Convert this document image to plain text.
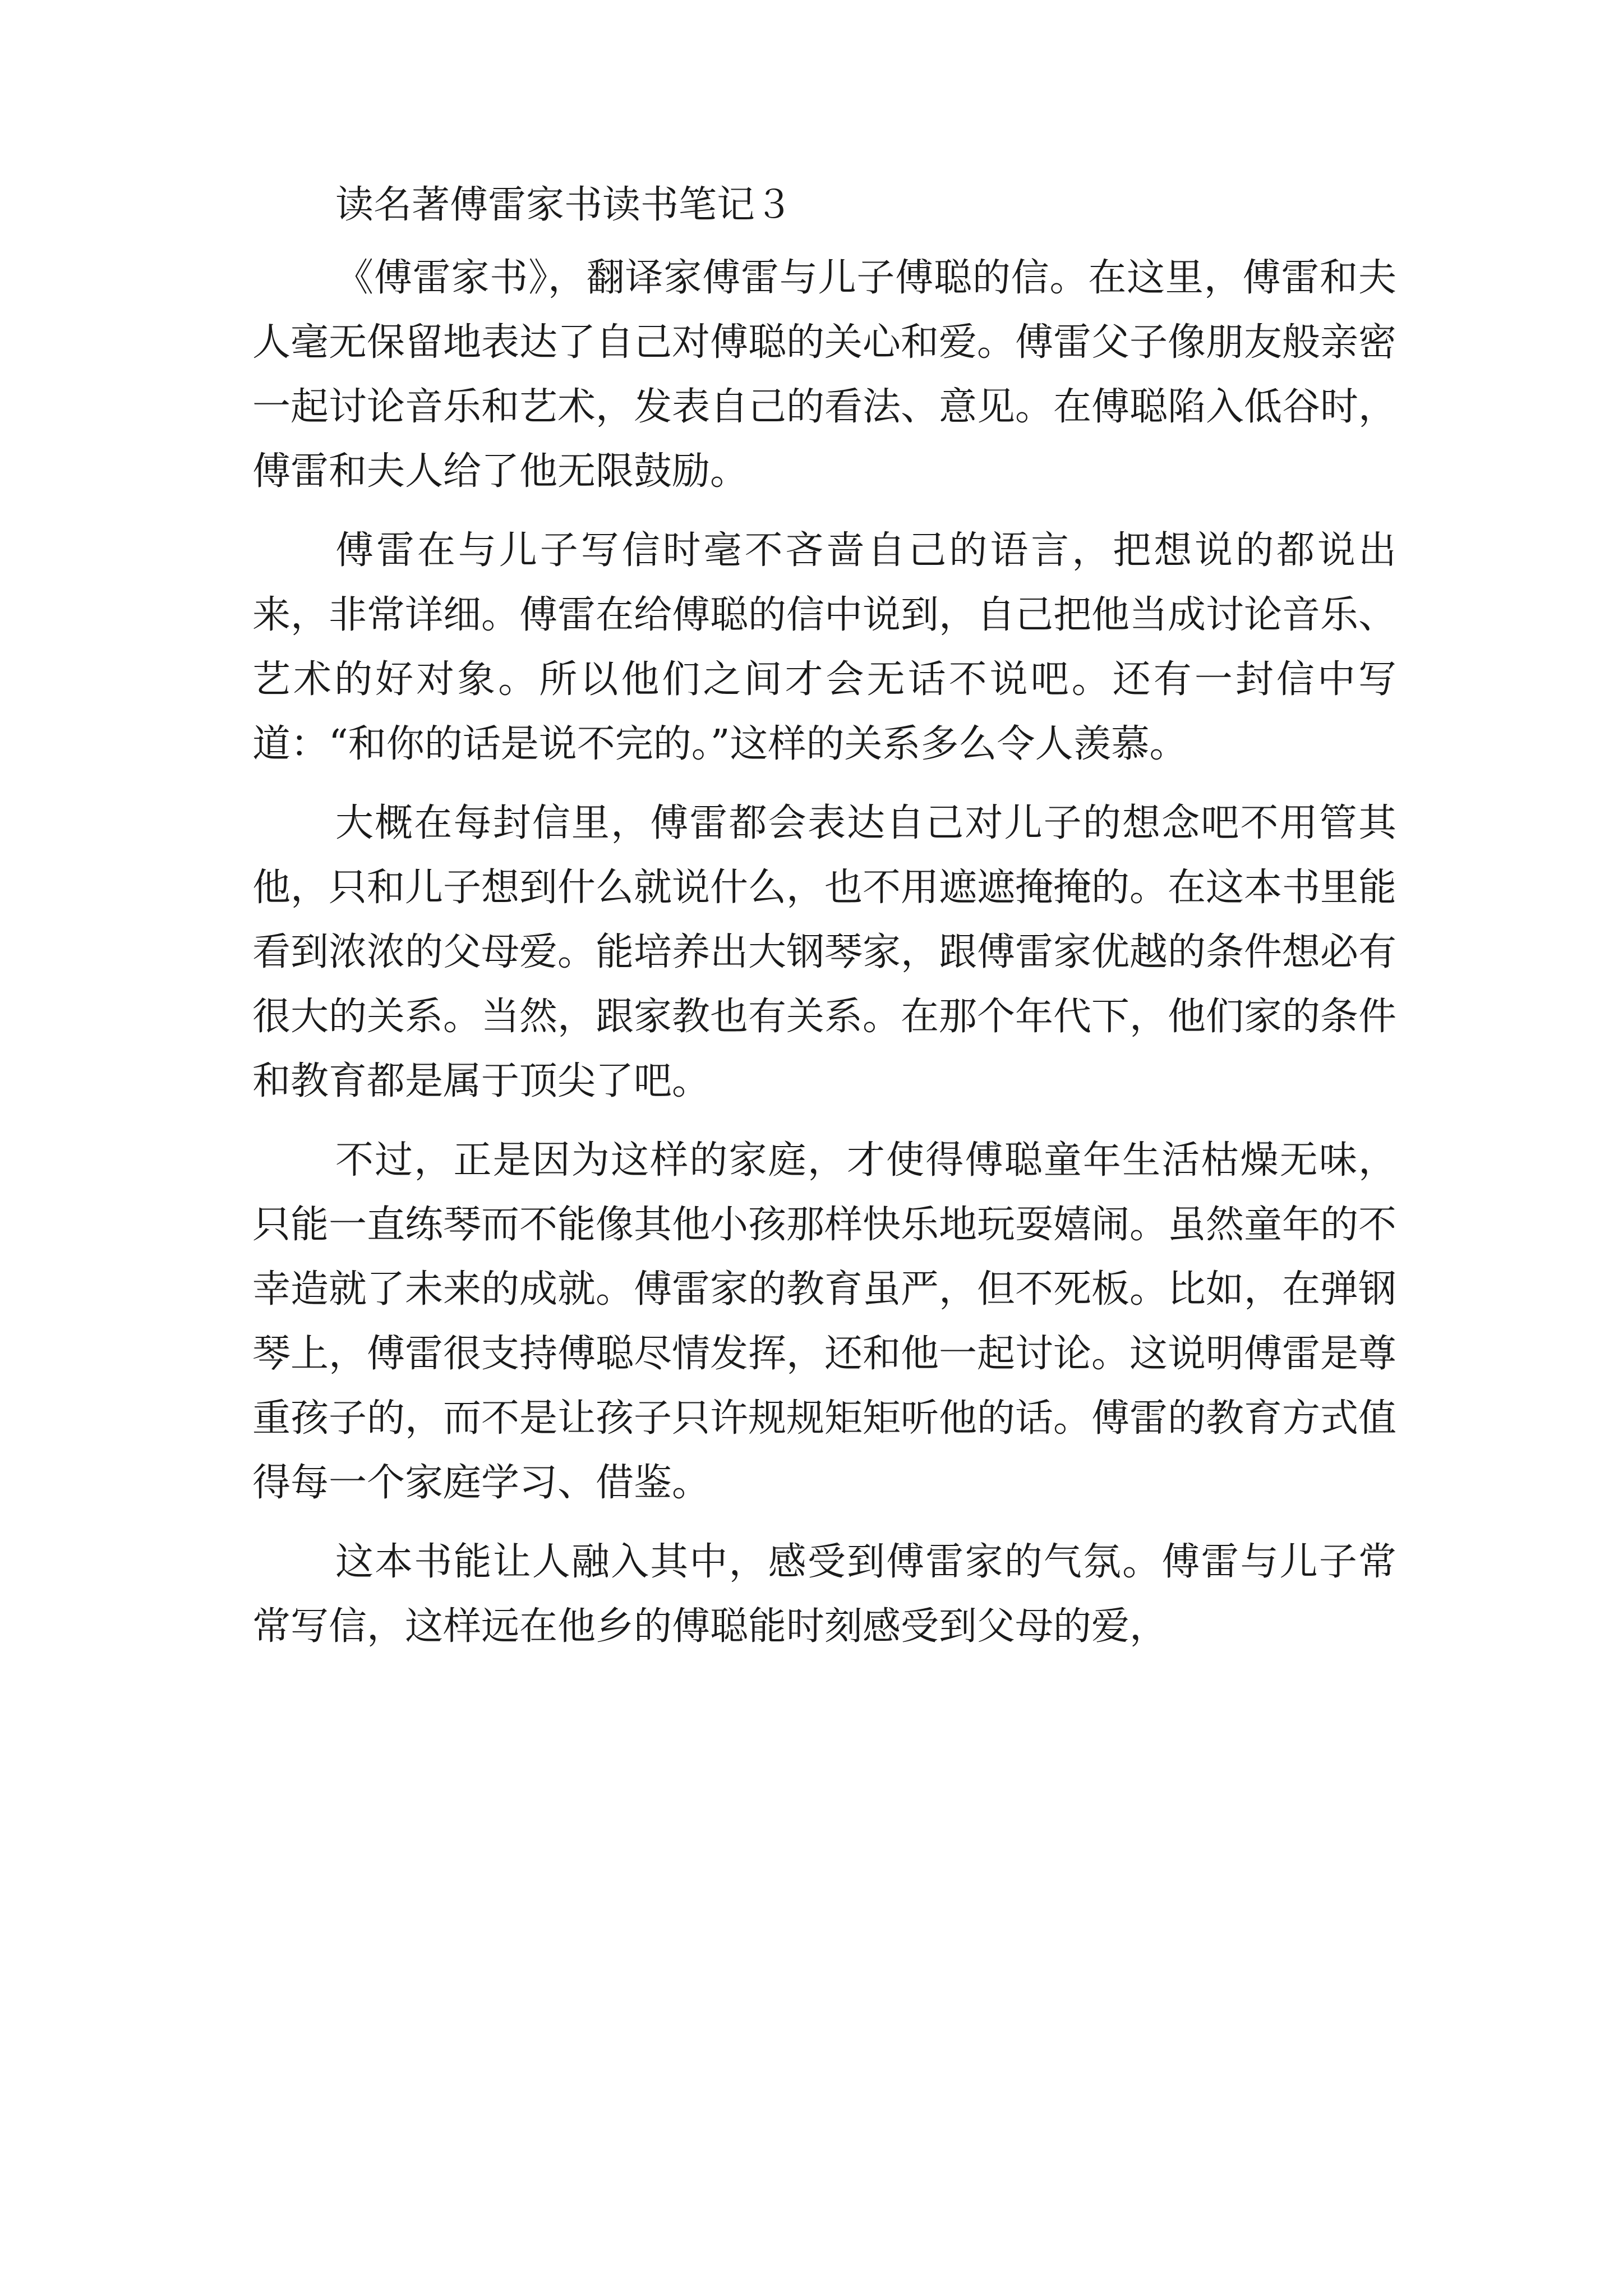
读名著傅雷家书读书笔记３

《傅雷家书》，翻译家傅雷与儿子傅聪的信。在这里，傅雷和夫人毫无保留地表达了自己对傅聪的关心和爱。傅雷父子像朋友般亲密一起讨论音乐和艺术，发表自己的看法、意见。在傅聪陷入低谷时，傅雷和夫人给了他无限鼓励。

傅雷在与儿子写信时毫不吝啬自己的语言，把想说的都说出来，非常详细。傅雷在给傅聪的信中说到，自己把他当成讨论音乐、艺术的好对象。所以他们之间才会无话不说吧。还有一封信中写道：“和你的话是说不完的。”这样的关系多么令人羡慕。

大概在每封信里，傅雷都会表达自己对儿子的想念吧不用管其他，只和儿子想到什么就说什么，也不用遮遮掩掩的。在这本书里能看到浓浓的父母爱。能培养出大钢琴家，跟傅雷家优越的条件想必有很大的关系。当然，跟家教也有关系。在那个年代下，他们家的条件和教育都是属于顶尖了吧。

不过，正是因为这样的家庭，才使得傅聪童年生活枯燥无味，只能一直练琴而不能像其他小孩那样快乐地玩耍嬉闹。虽然童年的不幸造就了未来的成就。傅雷家的教育虽严，但不死板。比如，在弹钢琴上，傅雷很支持傅聪尽情发挥，还和他一起讨论。这说明傅雷是尊重孩子的，而不是让孩子只许规规矩矩听他的话。傅雷的教育方式值得每一个家庭学习、借鉴。

这本书能让人融入其中，感受到傅雷家的气氛。傅雷与儿子常常写信，这样远在他乡的傅聪能时刻感受到父母的爱，
